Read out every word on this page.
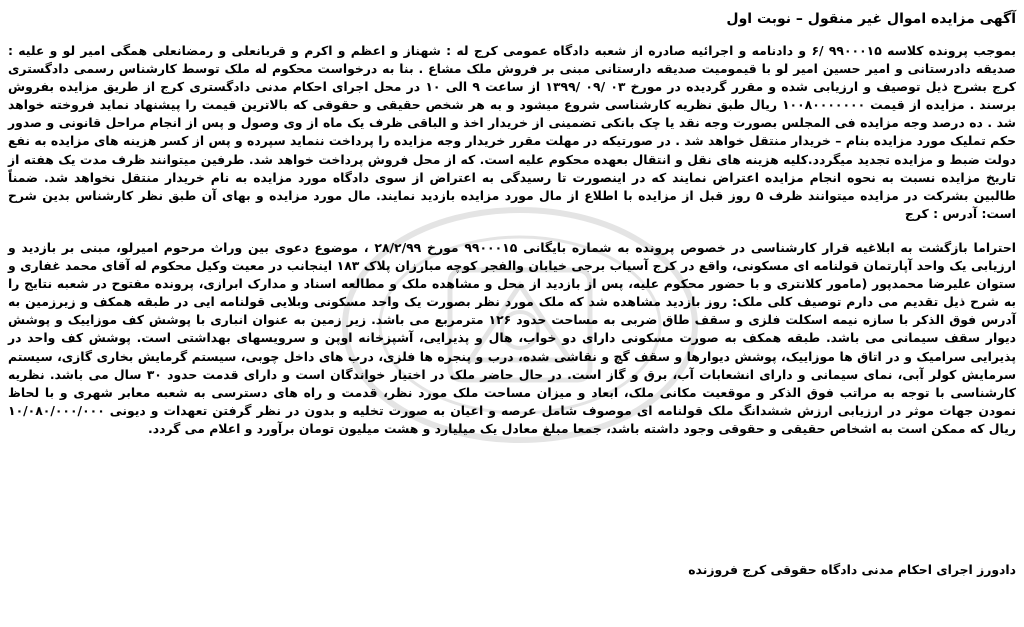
آگهی مزایده اموال غیر منقول – نوبت اول

بموجب پرونده کلاسه ۹۹۰۰۰۱۵ /۶ و دادنامه و اجرائیه صادره از شعبه دادگاه عمومی کرج له : شهناز و اعظم و اکرم و قربانعلی و رمضانعلی همگی امیر لو و علیه : صدیقه دادرستانی و امیر حسین امیر لو با قیمومیت صدیقه دارستانی مبنی بر فروش ملک مشاع . بنا به درخواست محکوم له ملک توسط کارشناس رسمی دادگستری کرج بشرح ذیل توصیف و ارزیابی شده و مقرر گردیده در مورخ ۰۳ /۰۹ /۱۳۹۹ از ساعت ۹ الی ۱۰ در محل اجرای احکام مدنی دادگستری کرج از طریق مزایده بفروش برسند . مزایده از قیمت ۱۰۰۸۰۰۰۰۰۰۰ ریال طبق نظریه کارشناسی شروع میشود و به هر شخص حقیقی و حقوقی که بالاترین قیمت را پیشنهاد نماید فروخته خواهد شد . ده درصد وجه مزایده فی المجلس بصورت وجه نقد یا چک بانکی تضمینی از خریدار اخذ و الباقی ظرف یک ماه از وی وصول و پس از انجام مراحل قانونی و صدور حکم تملیک مورد مزایده بنام – خریدار منتقل خواهد شد . در صورتیکه در مهلت مقرر خریدار وجه مزایده را پرداخت ننماید سپرده و پس از کسر هزینه های مزایده به نفع دولت ضبط و مزایده تجدید میگردد.کلیه هزینه های نقل و انتقال بعهده محکوم علیه است. که از محل فروش پرداخت خواهد شد. طرفین میتوانند ظرف مدت یک هفته از تاریخ مزایده نسبت به نحوه انجام مزایده اعتراض نمایند که در اینصورت تا رسیدگی به اعتراض از سوی دادگاه مورد مزایده به نام خریدار منتقل نخواهد شد. ضمناً طالبین بشرکت در مزایده میتوانند ظرف ۵ روز قبل از مزایده با اطلاع از مال مورد مزایده بازدید نمایند. مال مورد مزایده و بهای آن طبق نظر کارشناس بدین شرح است: آدرس : کرج

احتراما بازگشت به ابلاغیه قرار کارشناسی در خصوص پرونده به شماره بایگانی ۹۹۰۰۰۱۵ مورخ ۲۸/۲/۹۹ ، موضوع دعوی بین وراث مرحوم امیرلو، مبنی بر بازدید و ارزیابی یک واحد آپارتمان قولنامه ای مسکونی، واقع در کرج آسیاب برجی خیابان والفجر کوچه مبارزان پلاک ۱۸۳ اینجانب در معیت وکیل محکوم له آقای محمد غفاری و ستوان علیرضا محمدپور (مامور کلانتری و با حضور محکوم علیه، پس از بازدید از محل و مشاهده ملک و مطالعه اسناد و مدارک ابرازی، پرونده مفتوح در شعبه نتایج را به شرح ذیل تقدیم می دارم توصیف کلی ملک: روز بازدید مشاهده شد که ملک مورد نظر بصورت یک واحد مسکونی وبلایی قولنامه ایی در طبقه همکف و زیرزمین به آدرس فوق الذکر با سازه نیمه اسکلت فلزی و سقف طاق ضربی به مساحت حدود ۱۲۶ مترمربع می باشد. زیر زمین به عنوان انباری با پوشش کف موزاییک و پوشش دیوار سقف سیمانی می باشد. طبقه همکف به صورت مسکونی دارای دو خواب، هال و پذیرایی، آشپزخانه اوپن و سرویسهای بهداشتی است. پوشش کف واحد در پذیرایی سرامیک و در اتاق ها موزاییک، پوشش دیوارها و سقف گچ و نقاشی شده، درب و پنجره ها فلزی، درب های داخل چوبی، سیستم گرمایش بخاری گازی، سیستم سرمایش کولر آبی، نمای سیمانی و دارای انشعابات آب، برق و گاز است. در حال حاضر ملک در اختیار خواندگان است و دارای قدمت حدود ۳۰ سال می باشد. نظریه کارشناسی با توجه به مراتب فوق الذکر و موقعیت مکانی ملک، ابعاد و میزان مساحت ملک مورد نظر، قدمت و راه های دسترسی به شعبه معابر شهری و با لحاظ نمودن جهات موثر در ارزیابی ارزش ششدانگ ملک قولنامه ای موصوف شامل عرصه و اعیان به صورت تخلیه و بدون در نظر گرفتن تعهدات و دیونی ۱۰/۰۸۰/۰۰۰/۰۰۰ ریال که ممکن است به اشخاص حقیقی و حقوقی وجود داشته باشد، جمعا مبلغ معادل یک میلیارد و هشت میلیون تومان برآورد و اعلام می گردد.

دادورز اجرای احکام مدنی دادگاه حقوقی کرج فروزنده
